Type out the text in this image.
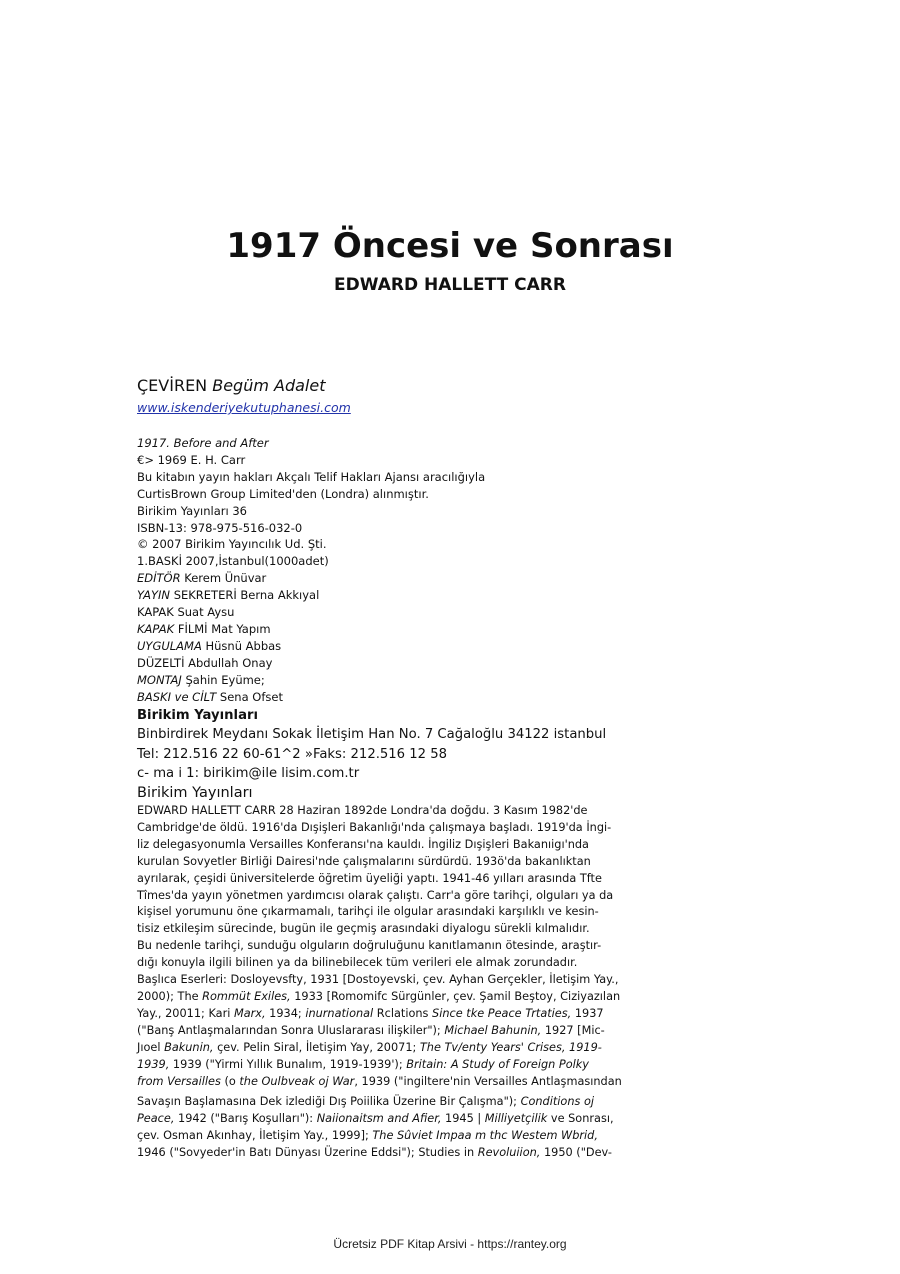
1917 Öncesi ve Sonrası
EDWARD HALLETT CARR
ÇEVİREN Begüm Adalet
www.iskenderiyekutuphanesi.com
1917. Before and After
€> 1969 E. H. Carr
Bu kitabın yayın hakları Akçalı Telif Hakları Ajansı aracılığıyla
CurtisBrown Group Limited'den (Londra) alınmıştır.
Birikim Yayınları 36
ISBN-13: 978-975-516-032-0
© 2007 Birikim Yayıncılık Ud. Şti.
1.BASKİ 2007,İstanbul(1000adet)
EDİTÖR Kerem Ünüvar
YAYIN SEKRETERİ Berna Akkıyal
KAPAK Suat Aysu
KAPAK FİLMİ Mat Yapım
UYGULAMA Hüsnü Abbas
DÜZELTİ Abdullah Onay
MONTAJ Şahin Eyüme;
BASKI ve CİLT Sena Ofset
Birikim Yayınları
Binbirdirek Meydanı Sokak İletişim Han No. 7 Cağaloğlu 34122 istanbul
Tel: 212.516 22 60-61^2 »Faks: 212.516 12 58
c- ma i 1: birikim@ile lisim.com.tr
Birikim Yayınları
EDWARD HALLETT CARR 28 Haziran 1892de Londra'da doğdu. 3 Kasım 1982'de
Cambridge'de öldü. 1916'da Dışişleri Bakanlığı'nda çalışmaya başladı. 1919'da İngi-
liz delegasyonumla Versailles Konferansı'na kauldı. İngiliz Dışişleri Bakanıigı'nda
kurulan Sovyetler Birliği Dairesi'nde çalışmalarını sürdürdü. 193ö'da bakanlıktan
ayrılarak, çeşidi üniversitelerde öğretim üyeliği yaptı. 1941-46 yılları arasında Tfte
Tîmes'da yayın yönetmen yardımcısı olarak çalıştı. Carr'a göre tarihçi, olguları ya da
kişisel yorumunu öne çıkarmamalı, tarihçi ile olgular arasındaki karşılıklı ve kesin-
tisiz etkileşim sürecinde, bugün ile geçmiş arasındaki diyalogu sürekli kılmalıdır.
Bu nedenle tarihçi, sunduğu olguların doğruluğunu kanıtlamanın ötesinde, araştır-
dığı konuyla ilgili bilinen ya da bilinebilecek tüm verileri ele almak zorundadır.
Başlıca Eserleri: Dosloyevsfty, 1931 [Dostoyevski, çev. Ayhan Gerçekler, İletişim Yay.,
2000); The Rommüt Exiles, 1933 [Romomifc Sürgünler, çev. Şamil Beştoy, Ciziyazılan
Yay., 20011; Kari Marx, 1934; inurnational Rclations Since tke Peace Trtaties, 1937
("Banş Antlaşmalarından Sonra Uluslararası ilişkiler"); Michael Bahunin, 1927 [Mic-
Jıoel Bakunin, çev. Pelin Siral, İletişim Yay, 20071; The Tv/enty Years' Crises, 1919-
1939, 1939 ("Yirmi Yıllık Bunalım, 1919-1939'); Britain: A Study of Foreign Polky
from Versailles (o the Oulbveak oj War, 1939 ("ingiltere'nin Versailles Antlaşmasından
Savaşın Başlamasına Dek izlediği Dış Poiilika Üzerine Bir Çalışma"); Conditions oj
Peace, 1942 ("Barış Koşulları"): Naiionaitsm and Afier, 1945 | Milliyetçilik ve Sonrası,
çev. Osman Akınhay, İletişim Yay., 1999]; The Sûviet Impaa m thc Westem Wbrid,
1946 ("Sovyeder'in Batı Dünyası Üzerine Eddsi"); Studies in Revoluiion, 1950 ("Dev-
Ücretsiz PDF Kitap Arsivi - https://rantey.org
